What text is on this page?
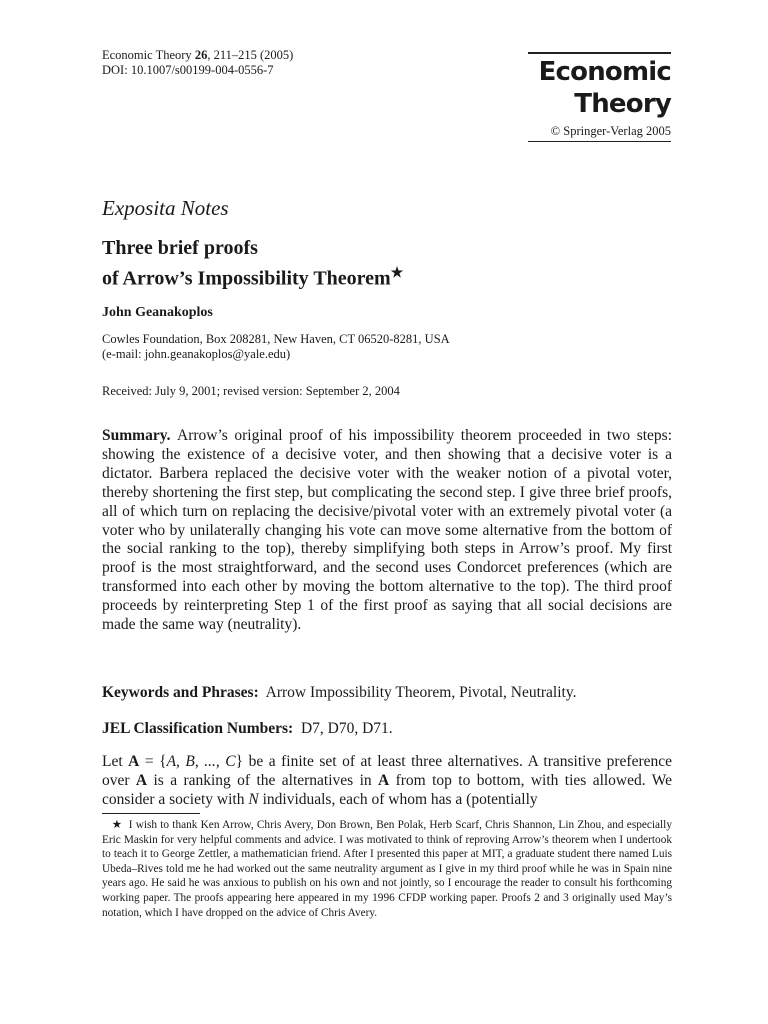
Economic Theory 26, 211–215 (2005)
DOI: 10.1007/s00199-004-0556-7	Economic
Theory
© Springer-Verlag 2005
Exposita Notes
Three brief proofs
of Arrow’s Impossibility Theorem★
John Geanakoplos
Cowles Foundation, Box 208281, New Haven, CT 06520-8281, USA
(e-mail: john.geanakoplos@yale.edu)
Received: July 9, 2001; revised version: September 2, 2004
Summary. Arrow’s original proof of his impossibility theorem proceeded in two steps: showing the existence of a decisive voter, and then showing that a decisive voter is a dictator. Barbera replaced the decisive voter with the weaker notion of a pivotal voter, thereby shortening the first step, but complicating the second step. I give three brief proofs, all of which turn on replacing the decisive/pivotal voter with an extremely pivotal voter (a voter who by unilaterally changing his vote can move some alternative from the bottom of the social ranking to the top), thereby simplifying both steps in Arrow’s proof. My first proof is the most straightforward, and the second uses Condorcet preferences (which are transformed into each other by moving the bottom alternative to the top). The third proof proceeds by reinterpreting Step 1 of the first proof as saying that all social decisions are made the same way (neutrality).
Keywords and Phrases: Arrow Impossibility Theorem, Pivotal, Neutrality.
JEL Classification Numbers: D7, D70, D71.
Let A = {A, B, ..., C} be a finite set of at least three alternatives. A transitive preference over A is a ranking of the alternatives in A from top to bottom, with ties allowed. We consider a society with N individuals, each of whom has a (potentially
★ I wish to thank Ken Arrow, Chris Avery, Don Brown, Ben Polak, Herb Scarf, Chris Shannon, Lin Zhou, and especially Eric Maskin for very helpful comments and advice. I was motivated to think of reproving Arrow’s theorem when I undertook to teach it to George Zettler, a mathematician friend. After I presented this paper at MIT, a graduate student there named Luis Ubeda–Rives told me he had worked out the same neutrality argument as I give in my third proof while he was in Spain nine years ago. He said he was anxious to publish on his own and not jointly, so I encourage the reader to consult his forthcoming working paper. The proofs appearing here appeared in my 1996 CFDP working paper. Proofs 2 and 3 originally used May’s notation, which I have dropped on the advice of Chris Avery.
